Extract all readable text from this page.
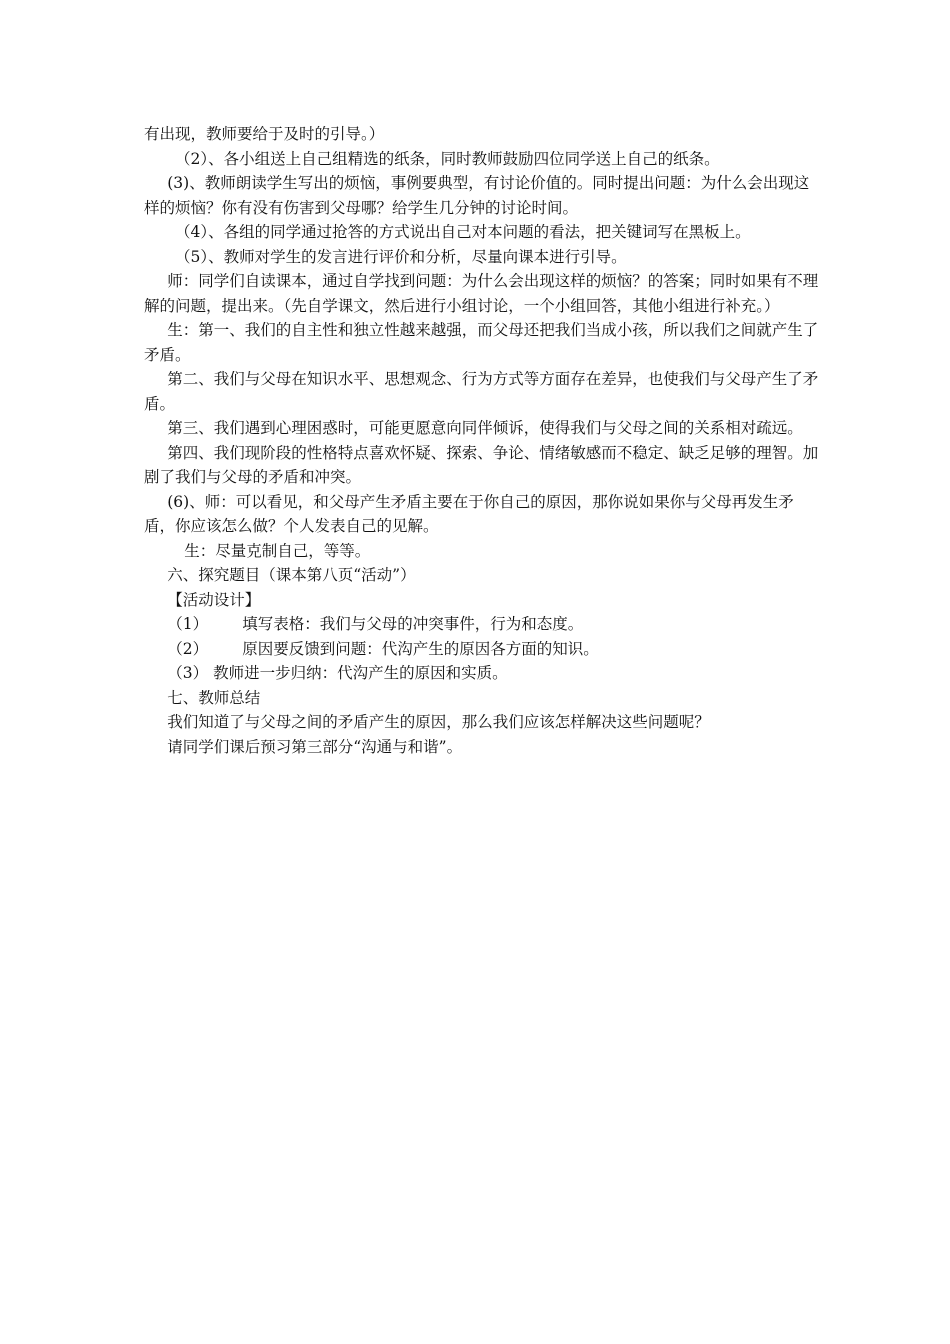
有出现，教师要给于及时的引导。）

（2）、各小组送上自己组精选的纸条，同时教师鼓励四位同学送上自己的纸条。

(3)、教师朗读学生写出的烦恼，事例要典型，有讨论价值的。同时提出问题：为什么会出现这样的烦恼？你有没有伤害到父母哪？给学生几分钟的讨论时间。

（4）、各组的同学通过抢答的方式说出自己对本问题的看法，把关键词写在黑板上。

（5）、教师对学生的发言进行评价和分析，尽量向课本进行引导。

师：同学们自读课本，通过自学找到问题：为什么会出现这样的烦恼？的答案；同时如果有不理解的问题，提出来。（先自学课文，然后进行小组讨论，一个小组回答，其他小组进行补充。）

生：第一、我们的自主性和独立性越来越强，而父母还把我们当成小孩，所以我们之间就产生了矛盾。

第二、我们与父母在知识水平、思想观念、行为方式等方面存在差异，也使我们与父母产生了矛盾。

第三、我们遇到心理困惑时，可能更愿意向同伴倾诉，使得我们与父母之间的关系相对疏远。

第四、我们现阶段的性格特点喜欢怀疑、探索、争论、情绪敏感而不稳定、缺乏足够的理智。加剧了我们与父母的矛盾和冲突。

(6)、师：可以看见，和父母产生矛盾主要在于你自己的原因，那你说如果你与父母再发生矛盾，你应该怎么做？个人发表自己的见解。

生：尽量克制自己，等等。

六、探究题目（课本第八页“活动”）

【活动设计】

（1） 填写表格：我们与父母的冲突事件，行为和态度。

（2） 原因要反馈到问题：代沟产生的原因各方面的知识。

（3） 教师进一步归纳：代沟产生的原因和实质。

七、教师总结

我们知道了与父母之间的矛盾产生的原因，那么我们应该怎样解决这些问题呢？

请同学们课后预习第三部分“沟通与和谐”。
